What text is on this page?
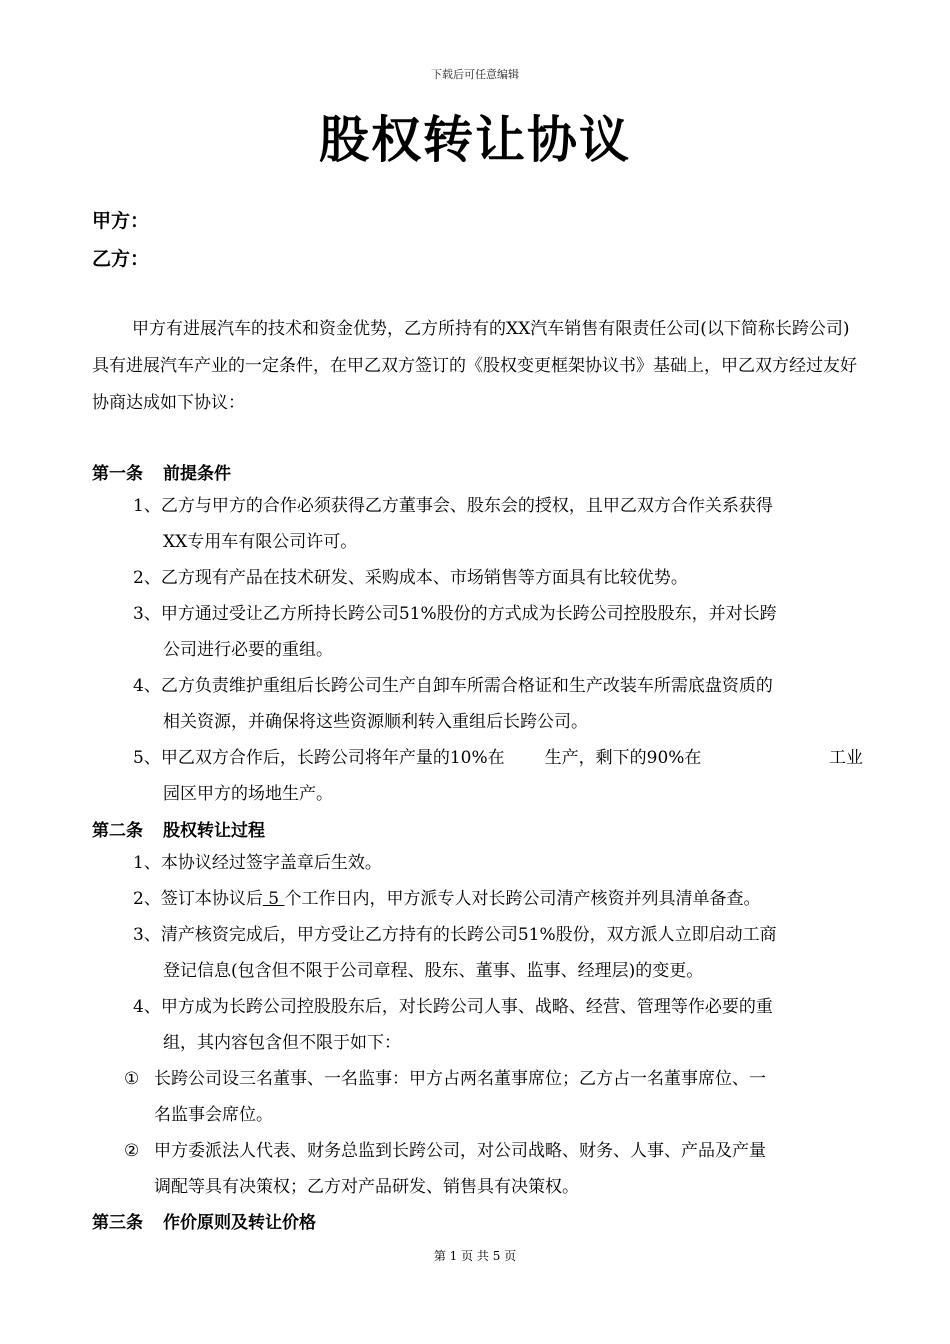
下载后可任意编辑
股权转让协议
甲方：
乙方：
甲方有进展汽车的技术和资金优势，乙方所持有的XX汽车销售有限责任公司(以下简称长跨公司)具有进展汽车产业的一定条件，在甲乙双方签订的《股权变更框架协议书》基础上，甲乙双方经过友好协商达成如下协议：
第一条 前提条件
1、乙方与甲方的合作必须获得乙方董事会、股东会的授权，且甲乙双方合作关系获得
XX专用车有限公司许可。
2、乙方现有产品在技术研发、采购成本、市场销售等方面具有比较优势。
3、甲方通过受让乙方所持长跨公司51%股份的方式成为长跨公司控股股东，并对长跨
公司进行必要的重组。
4、乙方负责维护重组后长跨公司生产自卸车所需合格证和生产改装车所需底盘资质的
相关资源，并确保将这些资源顺利转入重组后长跨公司。
5、甲乙双方合作后，长跨公司将年产量的10%在 生产，剩下的90%在	工业
园区甲方的场地生产。
第二条 股权转让过程
1、本协议经过签字盖章后生效。
2、签订本协议后 5 个工作日内，甲方派专人对长跨公司清产核资并列具清单备查。
3、清产核资完成后，甲方受让乙方持有的长跨公司51%股份，双方派人立即启动工商
登记信息(包含但不限于公司章程、股东、董事、监事、经理层)的变更。
4、甲方成为长跨公司控股股东后，对长跨公司人事、战略、经营、管理等作必要的重
组，其内容包含但不限于如下：
① 长跨公司设三名董事、一名监事：甲方占两名董事席位；乙方占一名董事席位、一
名监事会席位。
② 甲方委派法人代表、财务总监到长跨公司，对公司战略、财务、人事、产品及产量
调配等具有决策权；乙方对产品研发、销售具有决策权。
第三条 作价原则及转让价格
第 1 页 共 5 页
